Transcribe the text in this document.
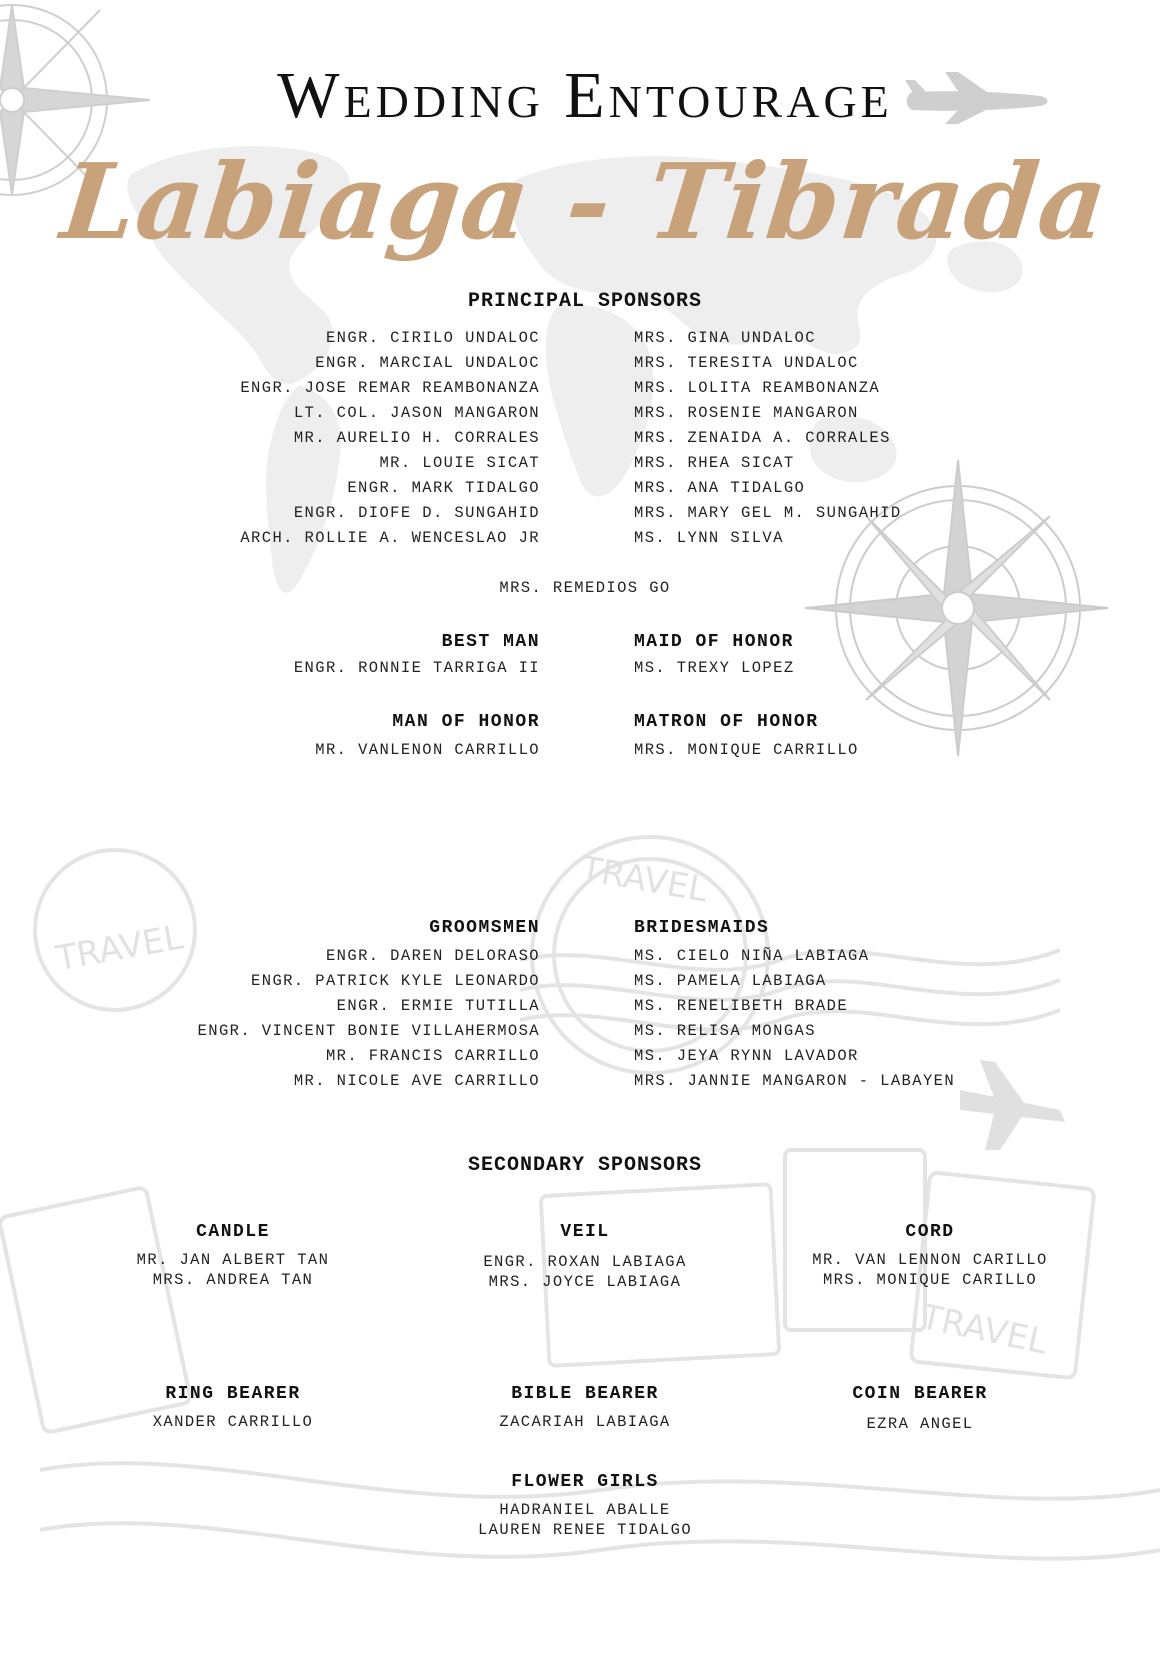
TRAVEL
TRAVEL
TRAVEL
Wedding Entourage
Labiaga - Tibrada
PRINCIPAL SPONSORS
ENGR. CIRILO UNDALOC
ENGR. MARCIAL UNDALOC
ENGR. JOSE REMAR REAMBONANZA
LT. COL. JASON MANGARON
MR. AURELIO H. CORRALES
MR. LOUIE SICAT
ENGR. MARK TIDALGO
ENGR. DIOFE D. SUNGAHID
ARCH. ROLLIE A. WENCESLAO JR
MRS. GINA UNDALOC
MRS. TERESITA UNDALOC
MRS. LOLITA REAMBONANZA
MRS. ROSENIE MANGARON
MRS. ZENAIDA A. CORRALES
MRS. RHEA SICAT
MRS. ANA TIDALGO
MRS. MARY GEL M. SUNGAHID
MS. LYNN SILVA
MRS. REMEDIOS GO
BEST MAN
ENGR. RONNIE TARRIGA II
MAID OF HONOR
MS. TREXY LOPEZ
MAN OF HONOR
MR. VANLENON CARRILLO
MATRON OF HONOR
MRS. MONIQUE CARRILLO
GROOMSMEN
ENGR. DAREN DELORASO
ENGR. PATRICK KYLE LEONARDO
ENGR. ERMIE TUTILLA
ENGR. VINCENT BONIE VILLAHERMOSA
MR. FRANCIS CARRILLO
MR. NICOLE AVE CARRILLO
BRIDESMAIDS
MS. CIELO NIÑA LABIAGA
MS. PAMELA LABIAGA
MS. RENELIBETH BRADE
MS. RELISA MONGAS
MS. JEYA RYNN LAVADOR
MRS. JANNIE MANGARON - LABAYEN
SECONDARY SPONSORS
CANDLE
MR. JAN ALBERT TAN
MRS. ANDREA TAN
VEIL
ENGR. ROXAN LABIAGA
MRS. JOYCE LABIAGA
CORD
MR. VAN LENNON CARILLO
MRS. MONIQUE CARILLO
RING BEARER
XANDER CARRILLO
BIBLE BEARER
ZACARIAH LABIAGA
COIN BEARER
EZRA ANGEL
FLOWER GIRLS
HADRANIEL ABALLE
LAUREN RENEE TIDALGO
